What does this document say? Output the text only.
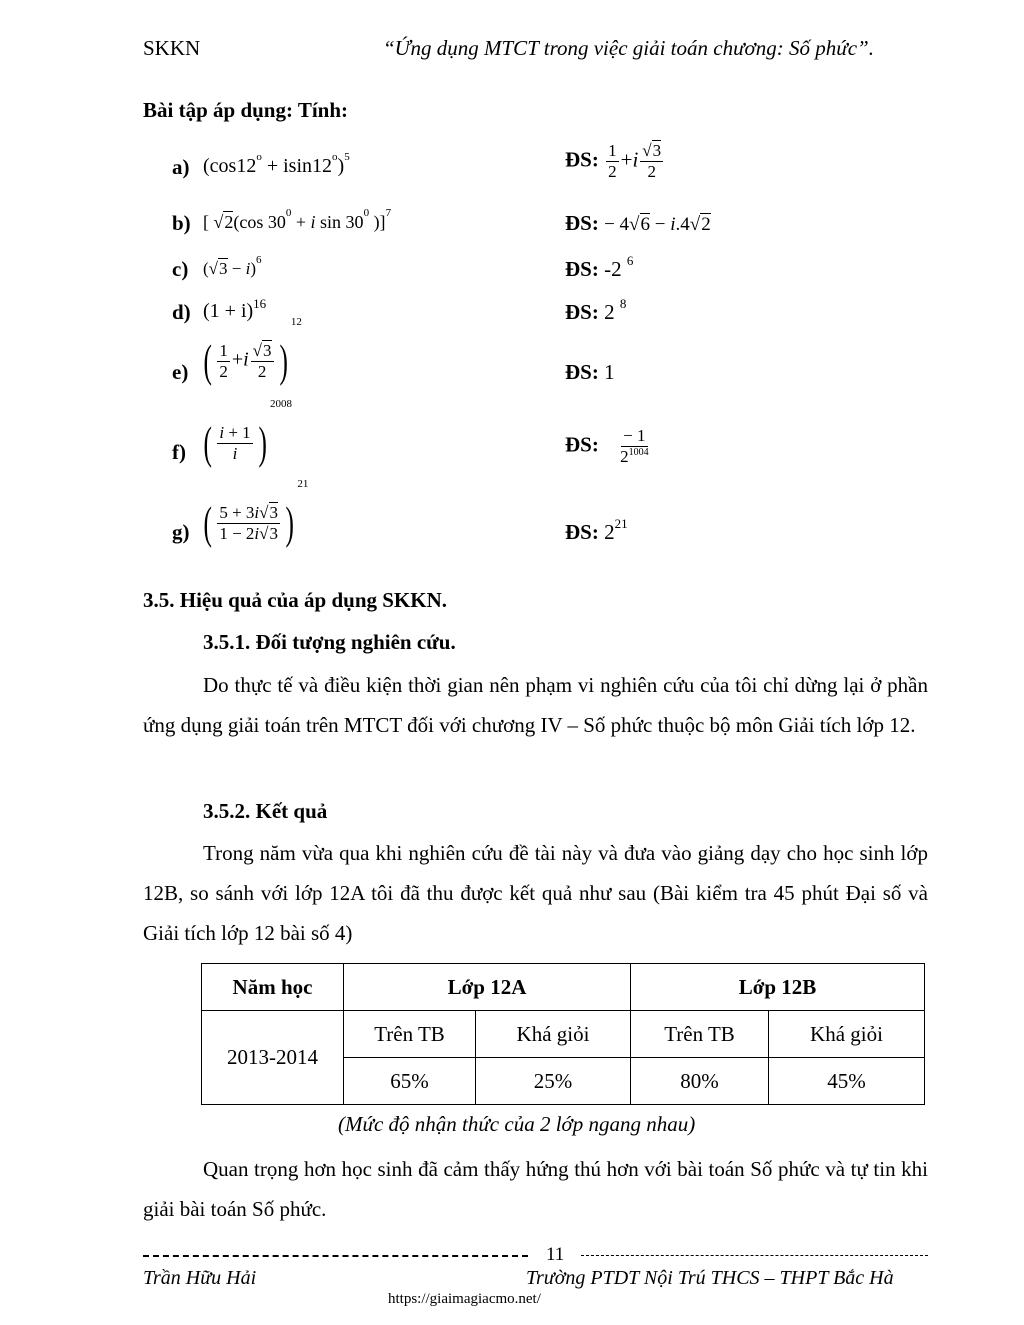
SKKN	“Ứng dụng MTCT trong việc giải toán chương: Số phức”.
Bài tập áp dụng: Tính:
a) $(\cos 12^o + isin12^o)^5$	ĐS: $\frac{1}{2} +i \frac{√3}{2}$
b) [ √2(cos $30^0 + i$ $\sin 30^0$ )]$^7$	ĐS: − 4√6 − i.4√2
c) $(√3 - i)^6$	ĐS: -2 $^6$
d) $(1 + i)^{16}$	ĐS: 2 $^8$
e) ( $\frac{1}{2} +i \frac{√3}{2} )^{12}$
ĐS: 1
f) ( $\frac{i + 1}{i} )^{2008}$
ĐS: $\frac{- 1}{2^{1004}}$
g) ( $\frac{5 + 3i√3}{1 - 2i√3} )^{21}$
ĐS: $2^{21}$
3.5. Hiệu quả của áp dụng SKKN.
3.5.1. Đối tượng nghiên cứu.
Do thực tế và điều kiện thời gian nên phạm vi nghiên cứu của tôi chỉ dừng lại ở phần ứng dụng giải toán trên MTCT đối với chương IV – Số phức thuộc bộ môn Giải tích lớp 12.
3.5.2. Kết quả
Trong năm vừa qua khi nghiên cứu đề tài này và đưa vào giảng dạy cho học sinh lớp 12B, so sánh với lớp 12A tôi đã thu được kết quả như sau (Bài kiểm tra 45 phút Đại số và Giải tích lớp 12 bài số 4)
Năm học	Lớp 12A		Lớp 12B	
2013-2014	Trên TB	Khá giỏi	Trên TB	Khá giỏi
	65%	25%	80%	45%
(Mức độ nhận thức của 2 lớp ngang nhau)
Quan trọng hơn học sinh đã cảm thấy hứng thú hơn với bài toán Số phức và tự tin khi giải bài toán Số phức.
11
Trần Hữu Hải	Trường PTDT Nội Trú THCS – THPT Bắc Hà
https://giaimagiacmo.net/
